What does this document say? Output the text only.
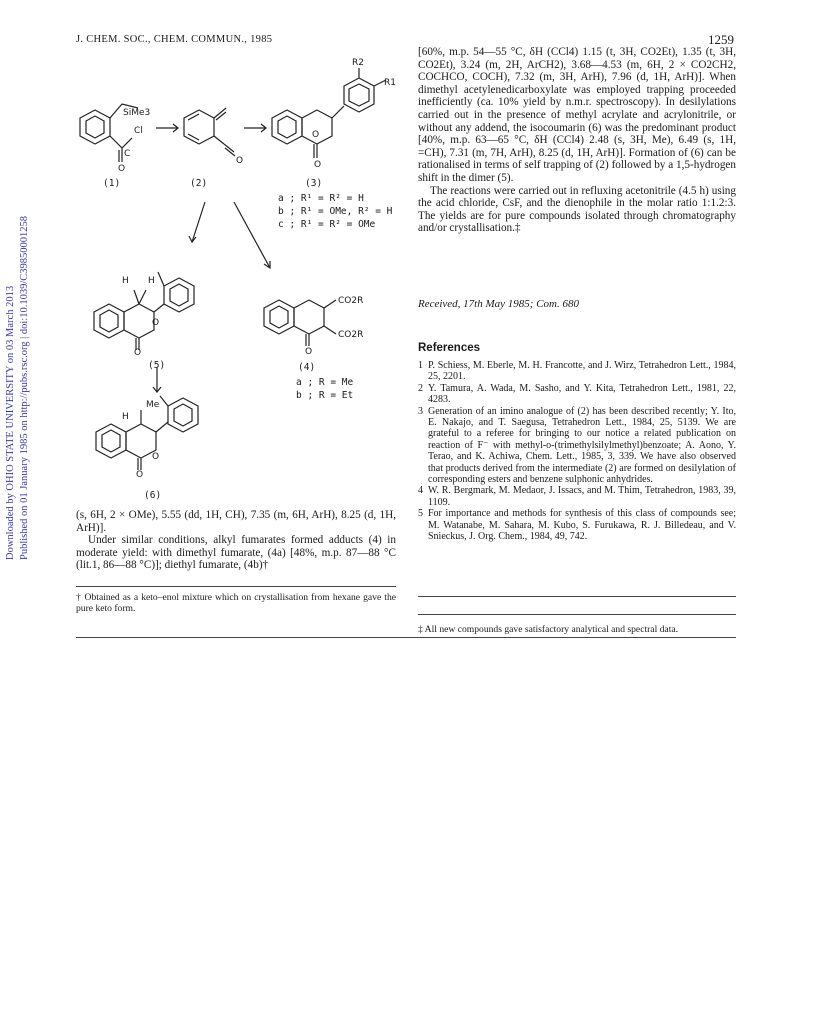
J. CHEM. SOC., CHEM. COMMUN., 1985	1259
Downloaded by OHIO STATE UNIVERSITY on 03 March 2013 Published on 01 January 1985 on http://pubs.rsc.org | doi:10.1039/C39850001258
SiMe3
Cl
C
O
O	O
O
R2
R1
(1)	(2)	(3)
a ; R¹ = R² = H
b ; R¹ = OMe, R² = H
c ; R¹ = R² = OMe
H H
O
O
(5)
CO2R
CO2R
O
(4)
a ; R = Me
b ; R = Et
Me
H
O
O
(6)

(s, 6H, 2 × OMe), 5.55 (dd, 1H, CH), 7.35 (m, 6H, ArH), 8.25 (d, 1H, ArH)].

Under similar conditions, alkyl fumarates formed adducts (4) in moderate yield: with dimethyl fumarate, (4a) [48%, m.p. 87—88 °C (lit.1, 86—88 °C)]; diethyl fumarate, (4b)†

† Obtained as a keto–enol mixture which on crystallisation from hexane gave the pure keto form.

[60%, m.p. 54—55 °C, δH (CCl4) 1.15 (t, 3H, CO2Et), 1.35 (t, 3H, CO2Et), 3.24 (m, 2H, ArCH2), 3.68—4.53 (m, 6H, 2 × CO2CH2, COCHCO, COCH), 7.32 (m, 3H, ArH), 7.96 (d, 1H, ArH)]. When dimethyl acetylenedicarboxylate was employed trapping proceeded inefficiently (ca. 10% yield by n.m.r. spectroscopy). In desilylations carried out in the presence of methyl acrylate and acrylonitrile, or without any addend, the isocoumarin (6) was the predominant product [40%, m.p. 63—65 °C, δH (CCl4) 2.48 (s, 3H, Me), 6.49 (s, 1H, =CH), 7.31 (m, 7H, ArH), 8.25 (d, 1H, ArH)]. Formation of (6) can be rationalised in terms of self trapping of (2) followed by a 1,5-hydrogen shift in the dimer (5).

The reactions were carried out in refluxing acetonitrile (4.5 h) using the acid chloride, CsF, and the dienophile in the molar ratio 1:1.2:3. The yields are for pure compounds isolated through chromatography and/or crystallisation.‡

Received, 17th May 1985; Com. 680
References

1 P. Schiess, M. Eberle, M. H. Francotte, and J. Wirz, Tetrahedron Lett., 1984, 25, 2201.

2 Y. Tamura, A. Wada, M. Sasho, and Y. Kita, Tetrahedron Lett., 1981, 22, 4283.

3 Generation of an imino analogue of (2) has been described recently; Y. Ito, E. Nakajo, and T. Saegusa, Tetrahedron Lett., 1984, 25, 5139. We are grateful to a referee for bringing to our notice a related publication on reaction of F⁻ with methyl-o-(trimethylsilylmethyl)benzoate; A. Aono, Y. Terao, and K. Achiwa, Chem. Lett., 1985, 3, 339. We have also observed that products derived from the intermediate (2) are formed on desilylation of corresponding esters and benzene sulphonic anhydrides.

4 W. R. Bergmark, M. Medaor, J. Issacs, and M. Thim, Tetrahedron, 1983, 39, 1109.

5 For importance and methods for synthesis of this class of compounds see; M. Watanabe, M. Sahara, M. Kubo, S. Furukawa, R. J. Billedeau, and V. Snieckus, J. Org. Chem., 1984, 49, 742.

‡ All new compounds gave satisfactory analytical and spectral data.
